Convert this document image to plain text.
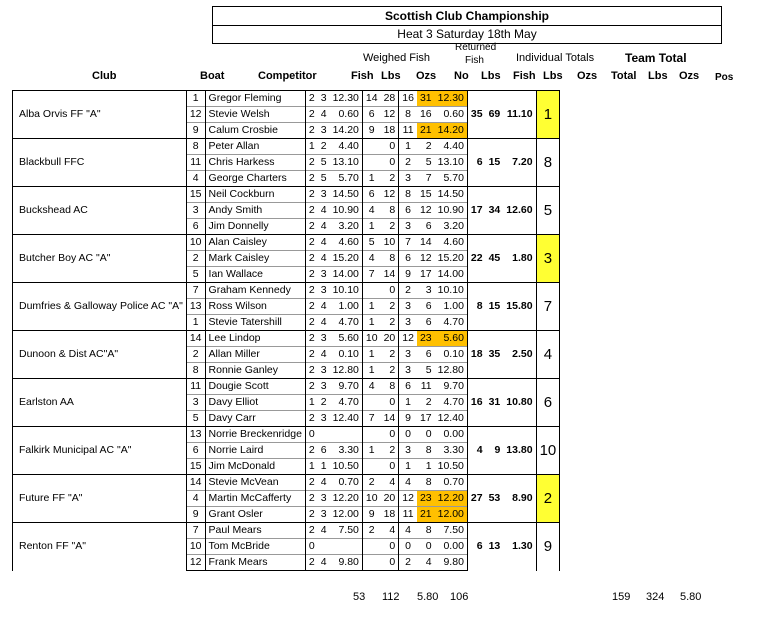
Scottish Club Championship
Heat 3 Saturday 18th May
Weighed Fish
Returned
Fish	Individual Totals	Team Total
Club	Boat	Competitor	Fish Lbs Ozs No Lbs Fish Lbs Ozs Total Lbs Ozs Pos
Alba Orvis FF "A"	1	Gregor Fleming	2	3	12.30	14	28	16	31	12.30	35	69	11.10	1
	12	Stevie Welsh	2	4	0.60	6	12	8	16	0.60				
	9	Calum Crosbie	2	3	14.20	9	18	11	21	14.20				
Blackbull FFC	8	Peter Allan	1	2	4.40		0	1	2	4.40	6	15	7.20	8
	11	Chris Harkess	2	5	13.10		0	2	5	13.10				
	4	George Charters	2	5	5.70	1	2	3	7	5.70				
Buckshead AC	15	Neil Cockburn	2	3	14.50	6	12	8	15	14.50	17	34	12.60	5
	3	Andy Smith	2	4	10.90	4	8	6	12	10.90				
	6	Jim Donnelly	2	4	3.20	1	2	3	6	3.20				
Butcher Boy AC "A"	10	Alan Caisley	2	4	4.60	5	10	7	14	4.60	22	45	1.80	3
	2	Mark Caisley	2	4	15.20	4	8	6	12	15.20				
	5	Ian Wallace	2	3	14.00	7	14	9	17	14.00				
Dumfries & Galloway Police AC "A"	7	Graham Kennedy	2	3	10.10		0	2	3	10.10	8	15	15.80	7
	13	Ross Wilson	2	4	1.00	1	2	3	6	1.00				
	1	Stevie Tatershill	2	4	4.70	1	2	3	6	4.70				
Dunoon & Dist AC"A"	14	Lee Lindop	2	3	5.60	10	20	12	23	5.60	18	35	2.50	4
	2	Allan Miller	2	4	0.10	1	2	3	6	0.10				
	8	Ronnie Ganley	2	3	12.80	1	2	3	5	12.80				
Earlston AA	11	Dougie Scott	2	3	9.70	4	8	6	11	9.70	16	31	10.80	6
	3	Davy Elliot	1	2	4.70		0	1	2	4.70				
	5	Davy Carr	2	3	12.40	7	14	9	17	12.40				
Falkirk Municipal AC "A"	13	Norrie Breckenridge	0				0	0	0	0.00	4	9	13.80	10
	6	Norrie Laird	2	6	3.30	1	2	3	8	3.30				
	15	Jim McDonald	1	1	10.50		0	1	1	10.50				
Future FF "A"	14	Stevie McVean	2	4	0.70	2	4	4	8	0.70	27	53	8.90	2
	4	Martin McCafferty	2	3	12.20	10	20	12	23	12.20				
	9	Grant Osler	2	3	12.00	9	18	11	21	12.00				
Renton FF "A"	7	Paul Mears	2	4	7.50	2	4	4	8	7.50	6	13	1.30	9
	10	Tom McBride	0				0	0	0	0.00				
	12	Frank Mears	2	4	9.80		0	2	4	9.80				
53 112 5.80 106	159 324 5.80
